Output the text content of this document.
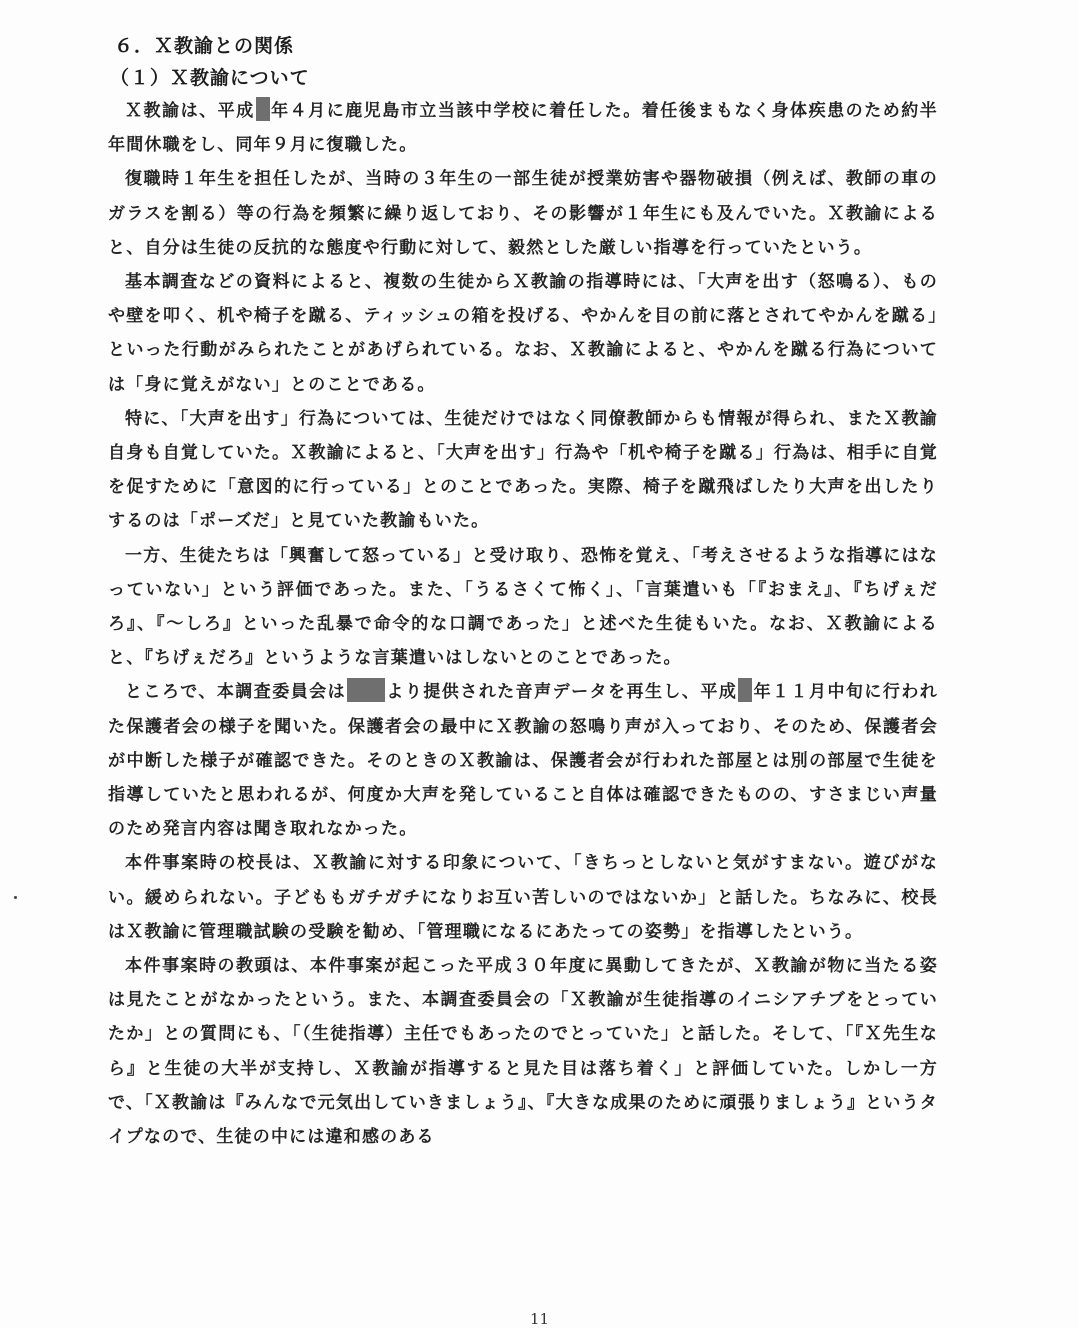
６．Ｘ教諭との関係
（１）Ｘ教諭について

Ｘ教諭は、平成 年４月に鹿児島市立当該中学校に着任した。着任後まもなく身体疾患のため約半年間休職をし、同年９月に復職した。

復職時１年生を担任したが、当時の３年生の一部生徒が授業妨害や器物破損（例えば、教師の車のガラスを割る）等の行為を頻繁に繰り返しており、その影響が１年生にも及んでいた。Ｘ教諭によると、自分は生徒の反抗的な態度や行動に対して、毅然とした厳しい指導を行っていたという。

基本調査などの資料によると、複数の生徒からＸ教諭の指導時には、「大声を出す（怒鳴る）、ものや壁を叩く、机や椅子を蹴る、ティッシュの箱を投げる、やかんを目の前に落とされてやかんを蹴る」といった行動がみられたことがあげられている。なお、Ｘ教諭によると、やかんを蹴る行為については「身に覚えがない」とのことである。

特に、「大声を出す」行為については、生徒だけではなく同僚教師からも情報が得られ、またＸ教諭自身も自覚していた。Ｘ教諭によると、「大声を出す」行為や「机や椅子を蹴る」行為は、相手に自覚を促すために「意図的に行っている」とのことであった。実際、椅子を蹴飛ばしたり大声を出したりするのは「ポーズだ」と見ていた教諭もいた。

一方、生徒たちは「興奮して怒っている」と受け取り、恐怖を覚え、「考えさせるような指導にはなっていない」という評価であった。また、「うるさくて怖く」、「言葉遣いも「『おまえ』、『ちげぇだろ』、『～しろ』といった乱暴で命令的な口調であった」と述べた生徒もいた。なお、Ｘ教諭によると、『ちげぇだろ』というような言葉遣いはしないとのことであった。

ところで、本調査委員会は より提供された音声データを再生し、平成 年１１月中旬に行われた保護者会の様子を聞いた。保護者会の最中にＸ教諭の怒鳴り声が入っており、そのため、保護者会が中断した様子が確認できた。そのときのＸ教諭は、保護者会が行われた部屋とは別の部屋で生徒を指導していたと思われるが、何度か大声を発していること自体は確認できたものの、すさまじい声量のため発言内容は聞き取れなかった。

本件事案時の校長は、Ｘ教諭に対する印象について、「きちっとしないと気がすまない。遊びがない。緩められない。子どももガチガチになりお互い苦しいのではないか」と話した。ちなみに、校長はＸ教諭に管理職試験の受験を勧め、「管理職になるにあたっての姿勢」を指導したという。

本件事案時の教頭は、本件事案が起こった平成３０年度に異動してきたが、Ｘ教諭が物に当たる姿は見たことがなかったという。また、本調査委員会の「Ｘ教諭が生徒指導のイニシアチブをとっていたか」との質問にも、「（生徒指導）主任でもあったのでとっていた」と話した。そして、「『Ｘ先生なら』と生徒の大半が支持し、Ｘ教諭が指導すると見た目は落ち着く」と評価していた。しかし一方で、「Ｘ教諭は『みんなで元気出していきましょう』、『大きな成果のために頑張りましょう』というタイプなので、生徒の中には違和感のある

11
